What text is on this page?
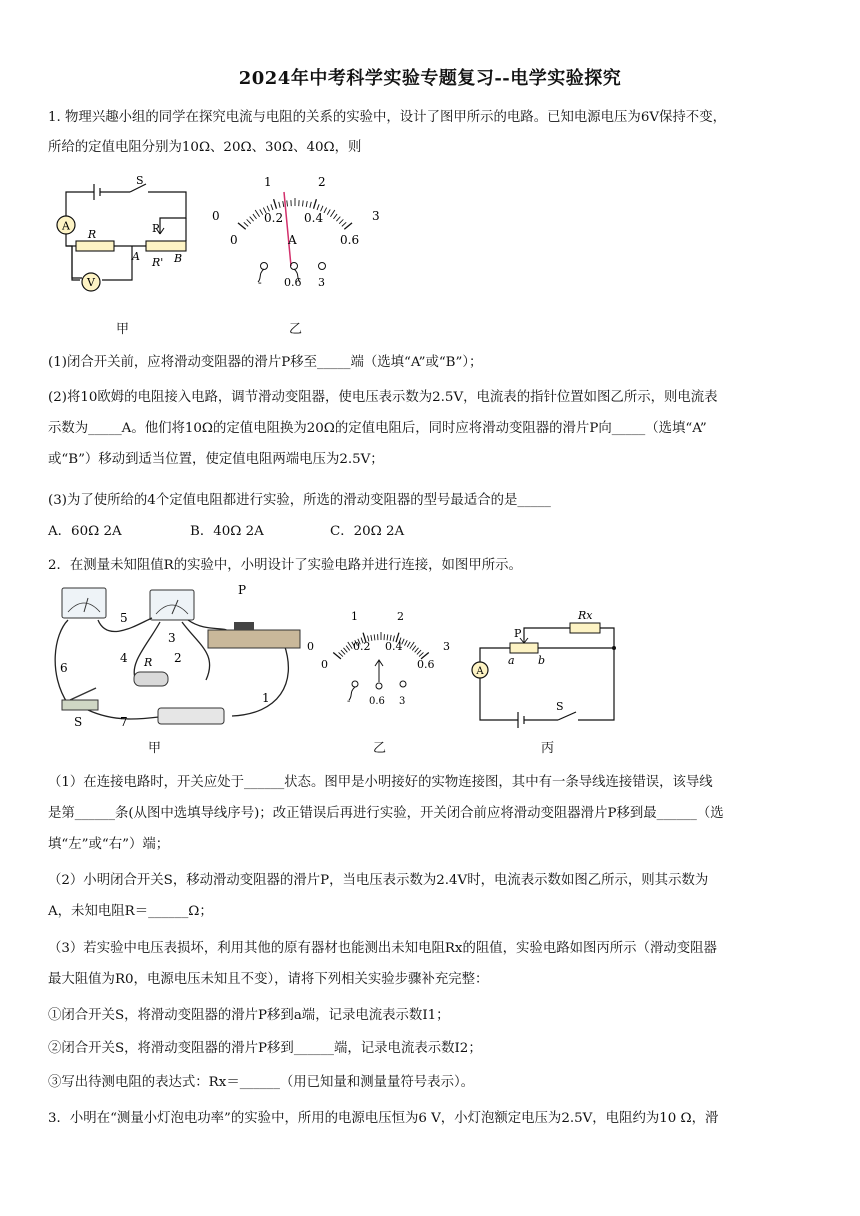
2024年中考科学实验专题复习--电学实验探究
1. 物理兴趣小组的同学在探究电流与电阻的关系的实验中，设计了图甲所示的电路。已知电源电压为6V保持不变，
所给的定值电阻分别为10Ω、20Ω、30Ω、40Ω，则
A
R	P
A R' B
S
V
甲
0
1	2
3
0
0.2 0.4
0.6
A
- 0.6 3
乙
(1)闭合开关前，应将滑动变阻器的滑片P移至_____端（选填“A”或“B”）；
(2)将10欧姆的电阻接入电路，调节滑动变阻器，使电压表示数为2.5V，电流表的指针位置如图乙所示，则电流表
示数为_____A。他们将10Ω的定值电阻换为20Ω的定值电阻后，同时应将滑动变阻器的滑片P向_____（选填“A”
或“B”）移动到适当位置，使定值电阻两端电压为2.5V；
(3)为了使所给的4个定值电阻都进行实验，所选的滑动变阻器的型号最适合的是_____
A．60Ω 2A	B．40Ω 2A	C．20Ω 2A
2．在测量未知阻值R的实验中，小明设计了实验电路并进行连接，如图甲所示。
P
R
S
1
2
3
4
5
6
7
甲
0
1	2
3
0
0.2 0.4
0.6
- 0.6 3
乙
A
P
Rx
a b
S
丙
（1）在连接电路时，开关应处于______状态。图甲是小明接好的实物连接图，其中有一条导线连接错误，该导线
是第______条(从图中选填导线序号)；改正错误后再进行实验，开关闭合前应将滑动变阻器滑片P移到最______（选
填“左”或“右”）端；
（2）小明闭合开关S，移动滑动变阻器的滑片P，当电压表示数为2.4V时，电流表示数如图乙所示，则其示数为
A，未知电阻R＝______Ω；
（3）若实验中电压表损坏，利用其他的原有器材也能测出未知电阻Rx的阻值，实验电路如图丙所示（滑动变阻器
最大阻值为R0，电源电压未知且不变），请将下列相关实验步骤补充完整：
①闭合开关S，将滑动变阻器的滑片P移到a端，记录电流表示数I1；
②闭合开关S，将滑动变阻器的滑片P移到______端，记录电流表示数I2；
③写出待测电阻的表达式：Rx＝______（用已知量和测量量符号表示）。
3．小明在“测量小灯泡电功率”的实验中，所用的电源电压恒为6 V，小灯泡额定电压为2.5V，电阻约为10 Ω，滑
